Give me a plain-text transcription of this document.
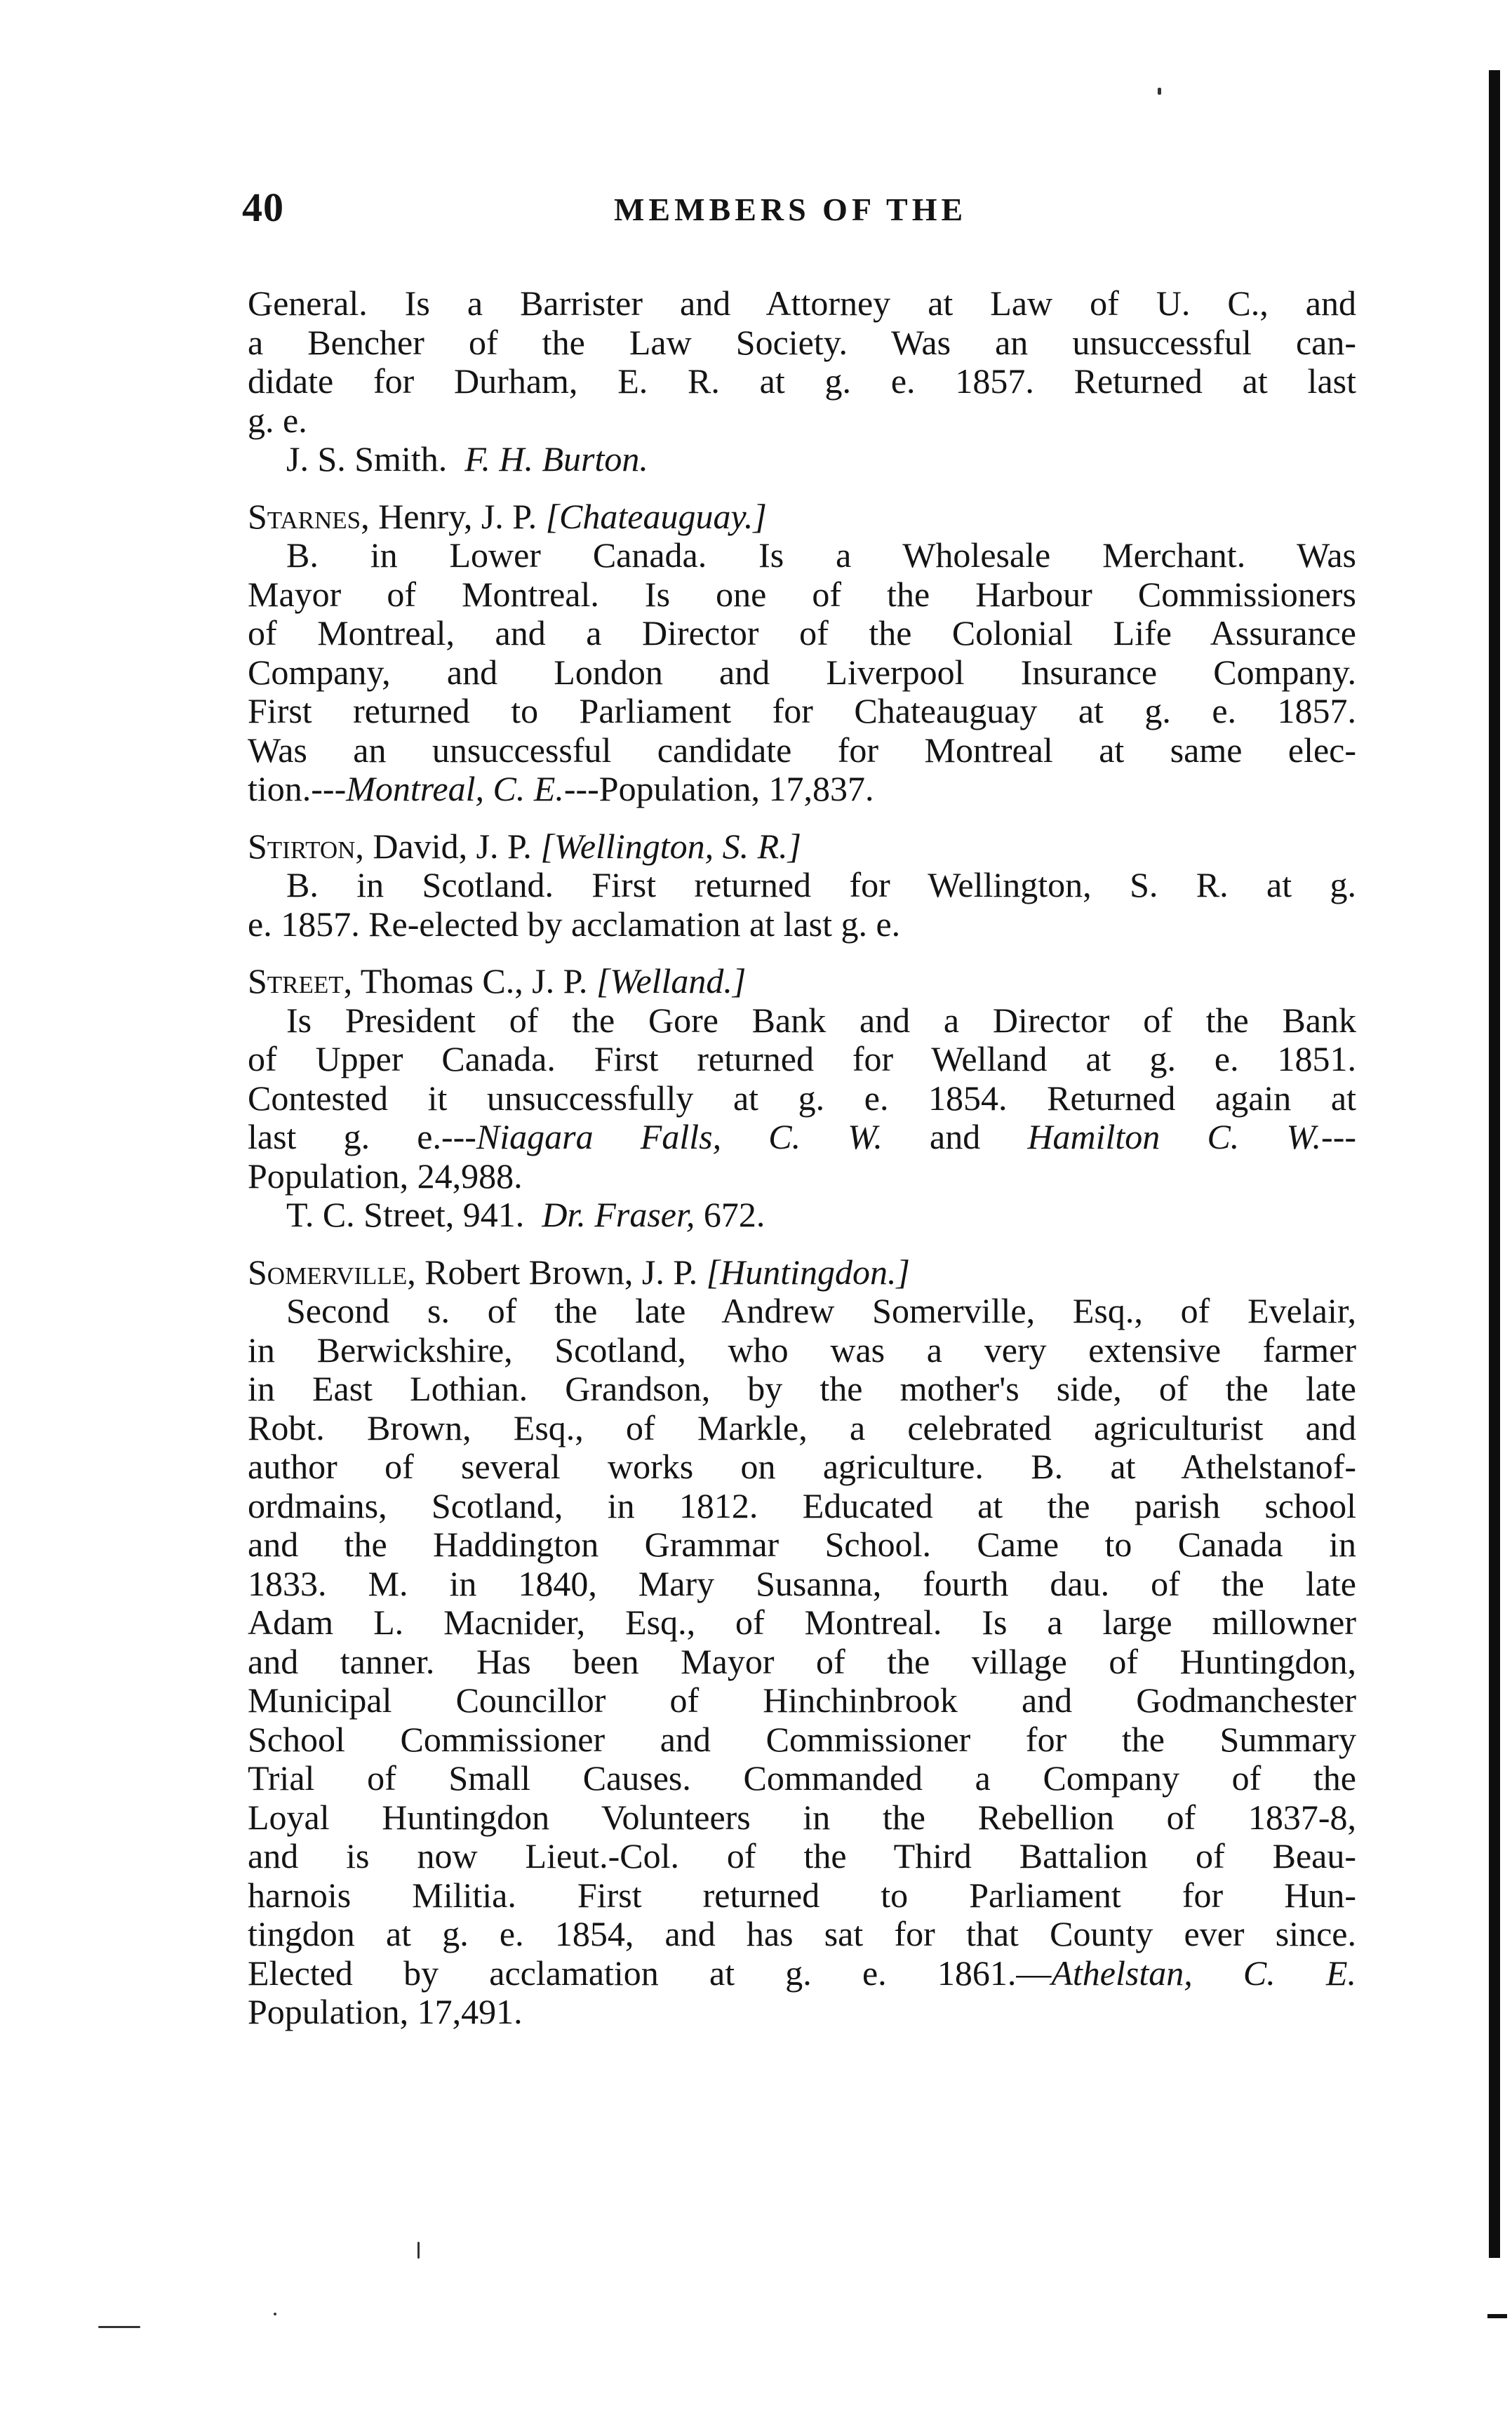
40	MEMBERS OF THE
General. Is a Barrister and Attorney at Law of U. C., and
a Bencher of the Law Society. Was an unsuccessful can-
didate for Durham, E. R. at g. e. 1857. Returned at last
g. e.
J. S. Smith. F. H. Burton.
Starnes, Henry, J. P. [Chateauguay.]
B. in Lower Canada. Is a Wholesale Merchant. Was
Mayor of Montreal. Is one of the Harbour Commissioners
of Montreal, and a Director of the Colonial Life Assurance
Company, and London and Liverpool Insurance Company.
First returned to Parliament for Chateauguay at g. e. 1857.
Was an unsuccessful candidate for Montreal at same elec-
tion.---Montreal, C. E.---Population, 17,837.
Stirton, David, J. P. [Wellington, S. R.]
B. in Scotland. First returned for Wellington, S. R. at g.
e. 1857. Re-elected by acclamation at last g. e.
Street, Thomas C., J. P. [Welland.]
Is President of the Gore Bank and a Director of the Bank
of Upper Canada. First returned for Welland at g. e. 1851.
Contested it unsuccessfully at g. e. 1854. Returned again at
last g. e.---Niagara Falls, C. W. and Hamilton C. W.---
Population, 24,988.
T. C. Street, 941. Dr. Fraser, 672.
Somerville, Robert Brown, J. P. [Huntingdon.]
Second s. of the late Andrew Somerville, Esq., of Evelair,
in Berwickshire, Scotland, who was a very extensive farmer
in East Lothian. Grandson, by the mother's side, of the late
Robt. Brown, Esq., of Markle, a celebrated agriculturist and
author of several works on agriculture. B. at Athelstanof-
ordmains, Scotland, in 1812. Educated at the parish school
and the Haddington Grammar School. Came to Canada in
1833. M. in 1840, Mary Susanna, fourth dau. of the late
Adam L. Macnider, Esq., of Montreal. Is a large millowner
and tanner. Has been Mayor of the village of Huntingdon,
Municipal Councillor of Hinchinbrook and Godmanchester
School Commissioner and Commissioner for the Summary
Trial of Small Causes. Commanded a Company of the
Loyal Huntingdon Volunteers in the Rebellion of 1837-8,
and is now Lieut.-Col. of the Third Battalion of Beau-
harnois Militia. First returned to Parliament for Hun-
tingdon at g. e. 1854, and has sat for that County ever since.
Elected by acclamation at g. e. 1861.—Athelstan, C. E.
Population, 17,491.
